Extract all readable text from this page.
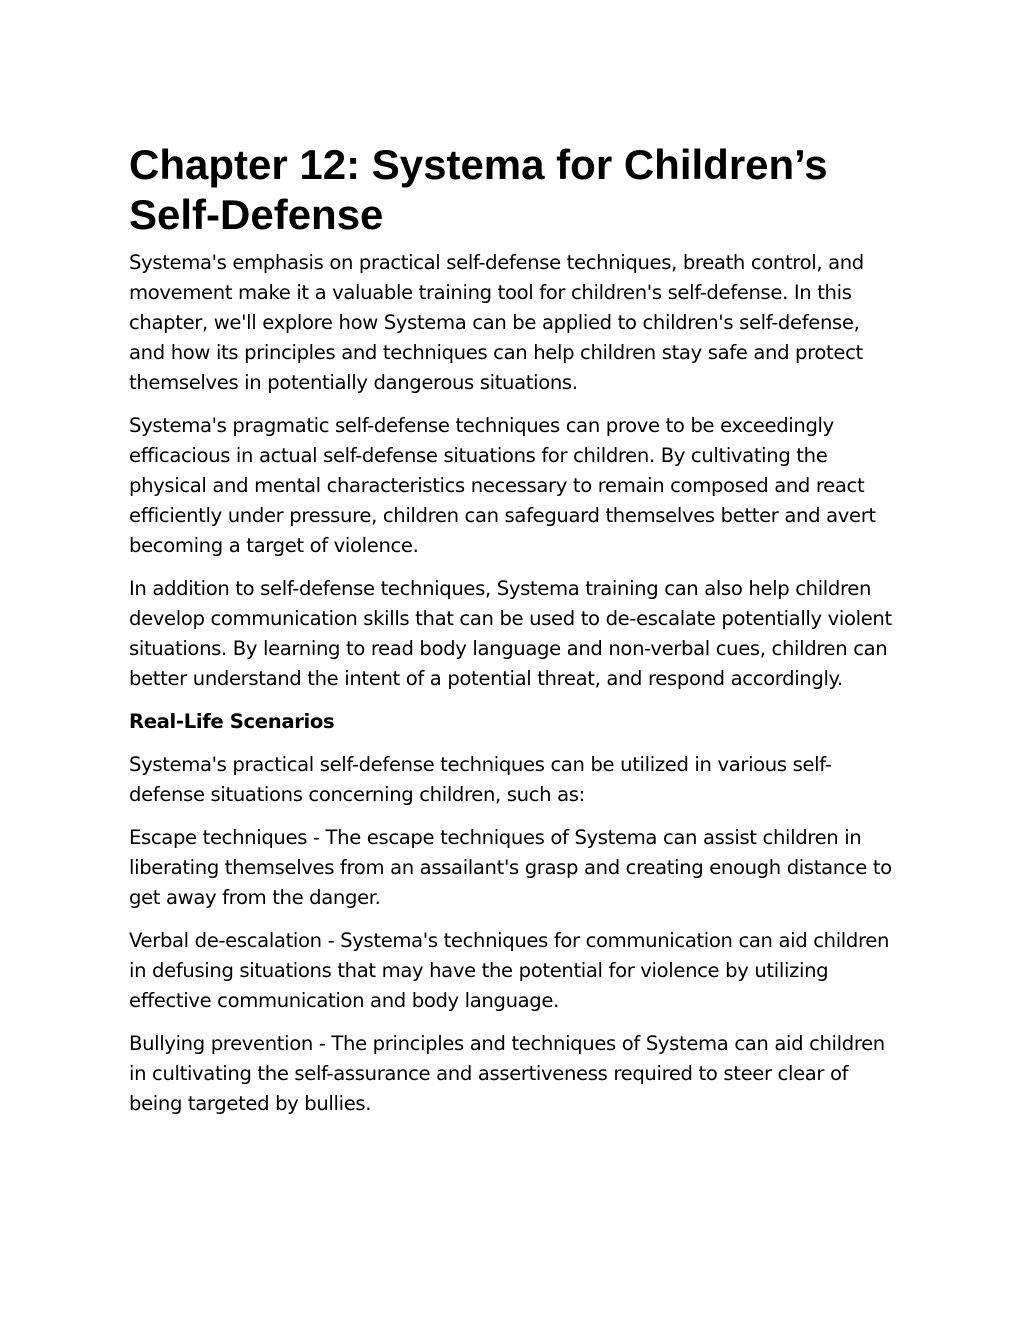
Chapter 12: Systema for Children’s Self-Defense

Systema's emphasis on practical self-defense techniques, breath control, and movement make it a valuable training tool for children's self-defense. In this chapter, we'll explore how Systema can be applied to children's self-defense, and how its principles and techniques can help children stay safe and protect themselves in potentially dangerous situations.

Systema's pragmatic self-defense techniques can prove to be exceedingly efficacious in actual self-defense situations for children. By cultivating the physical and mental characteristics necessary to remain composed and react efficiently under pressure, children can safeguard themselves better and avert becoming a target of violence.

In addition to self-defense techniques, Systema training can also help children develop communication skills that can be used to de-escalate potentially violent situations. By learning to read body language and non-verbal cues, children can better understand the intent of a potential threat, and respond accordingly.

Real-Life Scenarios

Systema's practical self-defense techniques can be utilized in various self-defense situations concerning children, such as:

Escape techniques - The escape techniques of Systema can assist children in liberating themselves from an assailant's grasp and creating enough distance to get away from the danger.

Verbal de-escalation - Systema's techniques for communication can aid children in defusing situations that may have the potential for violence by utilizing effective communication and body language.

Bullying prevention - The principles and techniques of Systema can aid children in cultivating the self-assurance and assertiveness required to steer clear of being targeted by bullies.
